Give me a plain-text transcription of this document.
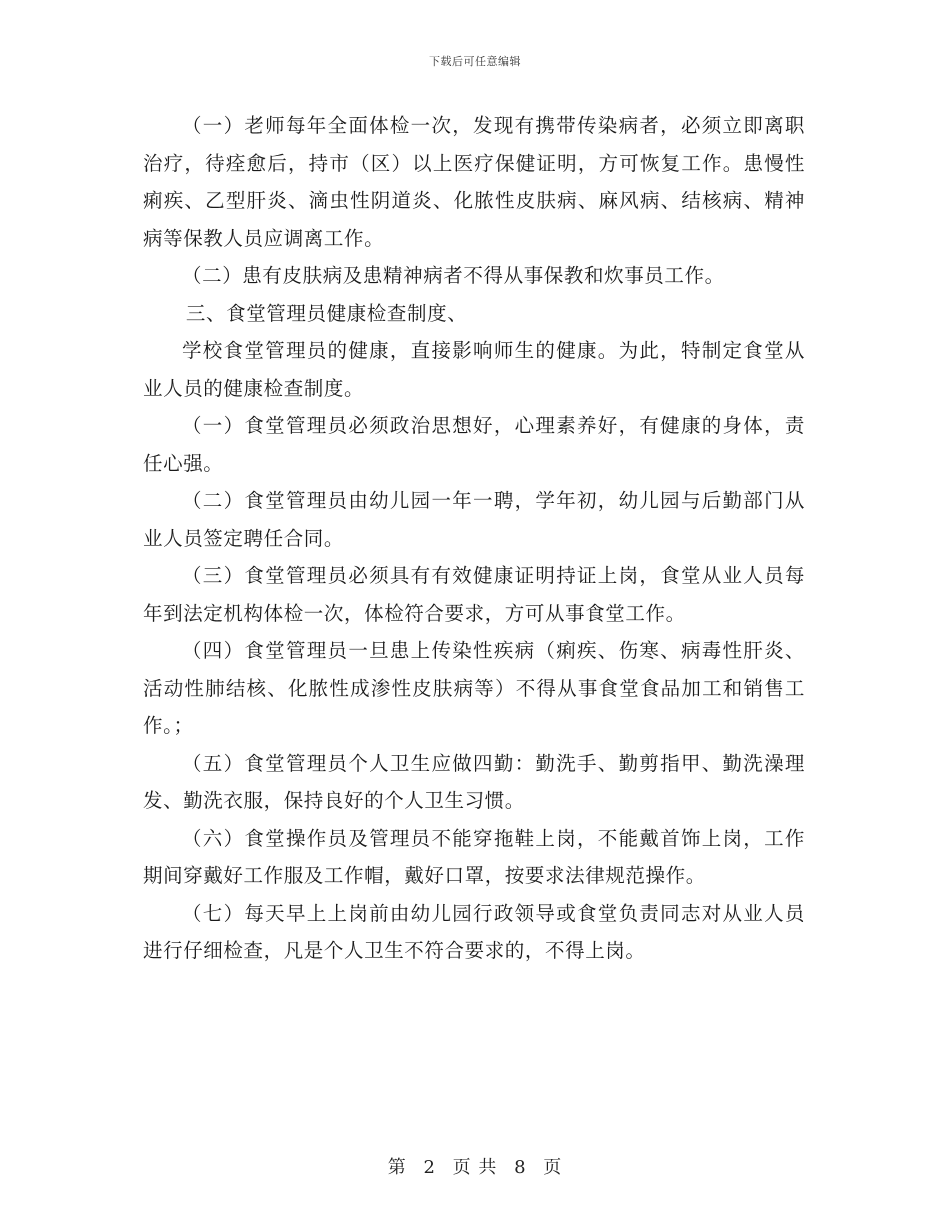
下载后可任意编辑

（一）老师每年全面体检一次，发现有携带传染病者，必须立即离职治疗，待痊愈后，持市（区）以上医疗保健证明，方可恢复工作。患慢性痢疾、乙型肝炎、滴虫性阴道炎、化脓性皮肤病、麻风病、结核病、精神病等保教人员应调离工作。

（二）患有皮肤病及患精神病者不得从事保教和炊事员工作。

三、食堂管理员健康检查制度、

学校食堂管理员的健康，直接影响师生的健康。为此，特制定食堂从业人员的健康检查制度。

（一）食堂管理员必须政治思想好，心理素养好，有健康的身体，责任心强。

（二）食堂管理员由幼儿园一年一聘，学年初，幼儿园与后勤部门从业人员签定聘任合同。

（三）食堂管理员必须具有有效健康证明持证上岗，食堂从业人员每年到法定机构体检一次，体检符合要求，方可从事食堂工作。

（四）食堂管理员一旦患上传染性疾病（痢疾、伤寒、病毒性肝炎、活动性肺结核、化脓性成渗性皮肤病等）不得从事食堂食品加工和销售工作。；

（五）食堂管理员个人卫生应做四勤：勤洗手、勤剪指甲、勤洗澡理发、勤洗衣服，保持良好的个人卫生习惯。

（六）食堂操作员及管理员不能穿拖鞋上岗，不能戴首饰上岗，工作期间穿戴好工作服及工作帽，戴好口罩，按要求法律规范操作。

（七）每天早上上岗前由幼儿园行政领导或食堂负责同志对从业人员进行仔细检查，凡是个人卫生不符合要求的，不得上岗。

第 2 页 共 8 页
